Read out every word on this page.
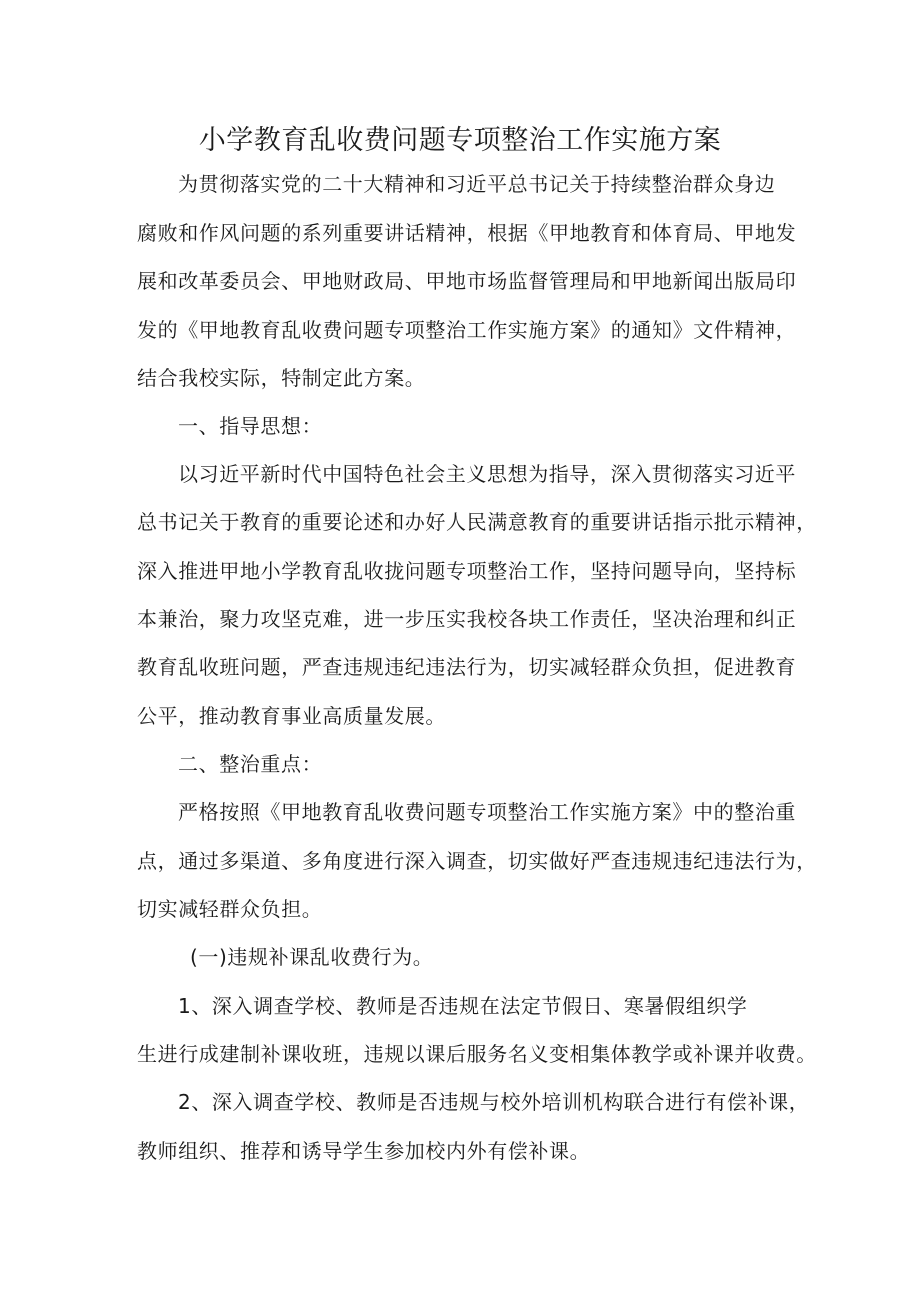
小学教育乱收费问题专项整治工作实施方案
为贯彻落实党的二十大精神和习近平总书记关于持续整治群众身边
腐败和作风问题的系列重要讲话精神，根据《甲地教育和体育局、甲地发
展和改革委员会、甲地财政局、甲地市场监督管理局和甲地新闻出版局印
发的《甲地教育乱收费问题专项整治工作实施方案》的通知》文件精神，
结合我校实际，特制定此方案。
一、指导思想：
以习近平新时代中国特色社会主义思想为指导，深入贯彻落实习近平
总书记关于教育的重要论述和办好人民满意教育的重要讲话指示批示精神，
深入推进甲地小学教育乱收拢问题专项整治工作，坚持问题导向，坚持标
本兼治，聚力攻坚克难，进一步压实我校各块工作责任，坚决治理和纠正
教育乱收班问题，严查违规违纪违法行为，切实减轻群众负担，促进教育
公平，推动教育事业高质量发展。
二、整治重点：
严格按照《甲地教育乱收费问题专项整治工作实施方案》中的整治重
点，通过多渠道、多角度进行深入调查，切实做好严查违规违纪违法行为，
切实减轻群众负担。
(一)违规补课乱收费行为。
1、深入调查学校、教师是否违规在法定节假日、寒暑假组织学
生进行成建制补课收班，违规以课后服务名义变相集体教学或补课并收费。
2、深入调查学校、教师是否违规与校外培训机构联合进行有偿补课，
教师组织、推荐和诱导学生参加校内外有偿补课。
